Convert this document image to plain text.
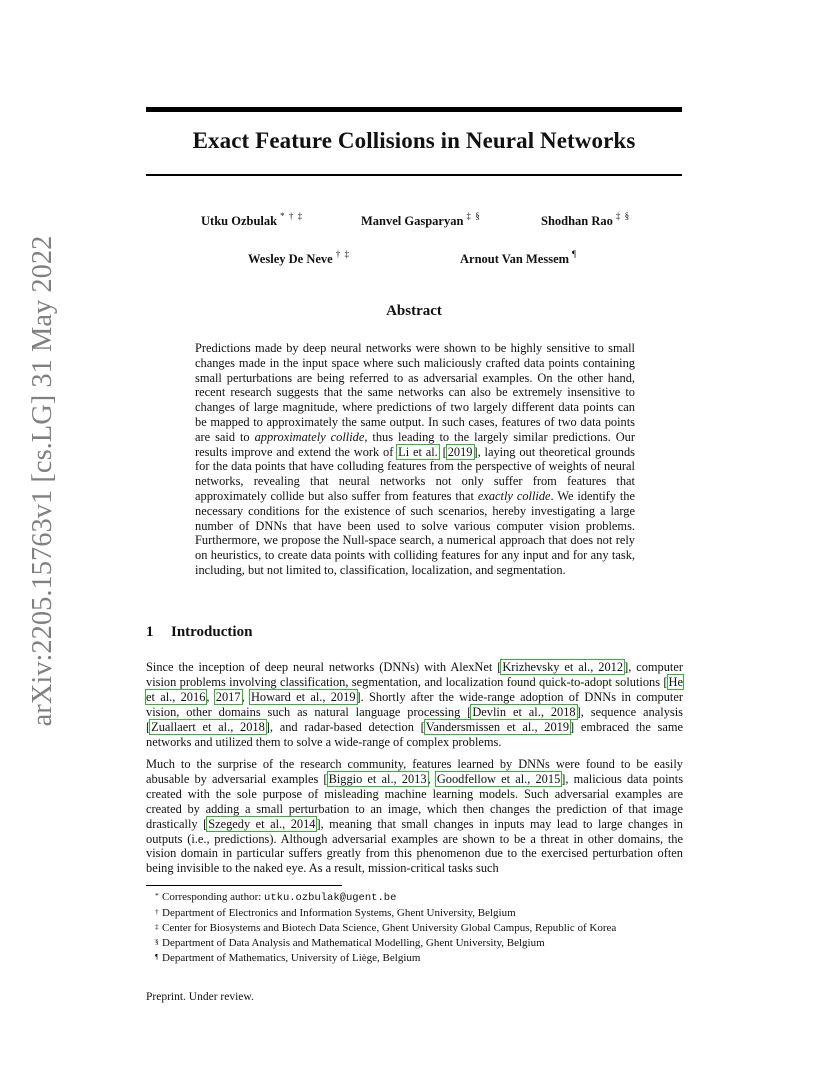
Exact Feature Collisions in Neural Networks
arXiv:2205.15763v1 [cs.LG] 31 May 2022
Utku Ozbulak * † ‡	Manvel Gasparyan ‡ §	Shodhan Rao ‡ §
Wesley De Neve † ‡	Arnout Van Messem ¶
Abstract

Predictions made by deep neural networks were shown to be highly sensitive to small changes made in the input space where such maliciously crafted data points containing small perturbations are being referred to as adversarial examples. On the other hand, recent research suggests that the same networks can also be extremely insensitive to changes of large magnitude, where predictions of two largely different data points can be mapped to approximately the same output. In such cases, features of two data points are said to approximately collide, thus leading to the largely similar predictions. Our results improve and extend the work of Li et al. [2019], laying out theoretical grounds for the data points that have colluding features from the perspective of weights of neural networks, revealing that neural networks not only suffer from features that approximately collide but also suffer from features that exactly collide. We identify the necessary conditions for the existence of such scenarios, hereby investigating a large number of DNNs that have been used to solve various computer vision problems. Furthermore, we propose the Null-space search, a numerical approach that does not rely on heuristics, to create data points with colliding features for any input and for any task, including, but not limited to, classification, localization, and segmentation.

1 Introduction

Since the inception of deep neural networks (DNNs) with AlexNet [Krizhevsky et al., 2012], computer vision problems involving classification, segmentation, and localization found quick-to-adopt solutions [He et al., 2016, 2017, Howard et al., 2019]. Shortly after the wide-range adoption of DNNs in computer vision, other domains such as natural language processing [Devlin et al., 2018], sequence analysis [Zuallaert et al., 2018], and radar-based detection [Vandersmissen et al., 2019] embraced the same networks and utilized them to solve a wide-range of complex problems.

Much to the surprise of the research community, features learned by DNNs were found to be easily abusable by adversarial examples [Biggio et al., 2013, Goodfellow et al., 2015], malicious data points created with the sole purpose of misleading machine learning models. Such adversarial examples are created by adding a small perturbation to an image, which then changes the prediction of that image drastically [Szegedy et al., 2014], meaning that small changes in inputs may lead to large changes in outputs (i.e., predictions). Although adversarial examples are shown to be a threat in other domains, the vision domain in particular suffers greatly from this phenomenon due to the exercised perturbation often being invisible to the naked eye. As a result, mission-critical tasks such

* Corresponding author: utku.ozbulak@ugent.be
† Department of Electronics and Information Systems, Ghent University, Belgium
‡ Center for Biosystems and Biotech Data Science, Ghent University Global Campus, Republic of Korea
§ Department of Data Analysis and Mathematical Modelling, Ghent University, Belgium
¶ Department of Mathematics, University of Liège, Belgium
Preprint. Under review.
